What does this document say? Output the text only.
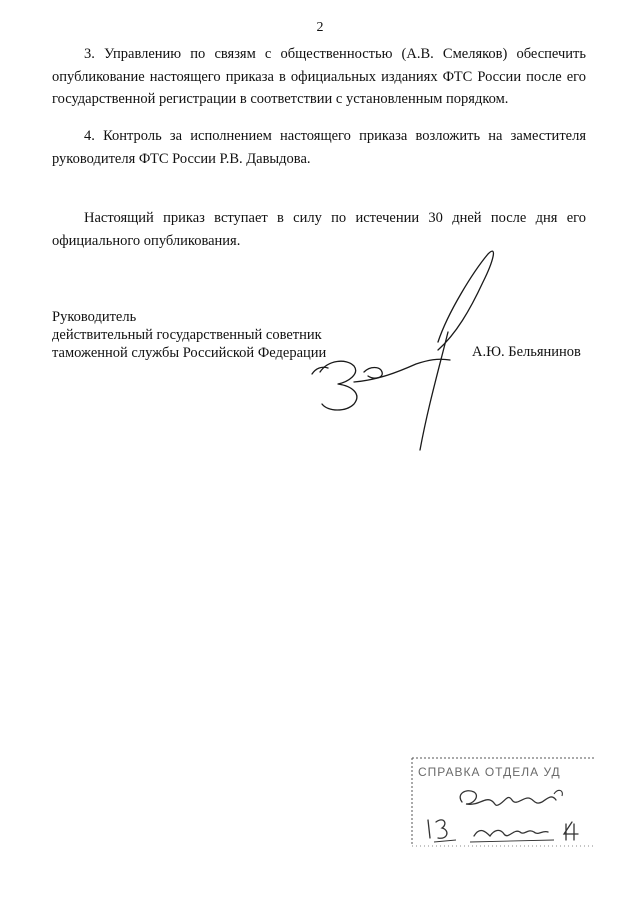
2

3. Управлению по связям с общественностью (А.В. Смеляков) обеспечить опубликование настоящего приказа в официальных изданиях ФТС России после его государственной регистрации в соответствии с установленным порядком.

4. Контроль за исполнением настоящего приказа возложить на заместителя руководителя ФТС России Р.В. Давыдова.

Настоящий приказ вступает в силу по истечении 30 дней после дня его официального опубликования.

Руководитель
действительный государственный советник
таможенной службы Российской Федерации	А.Ю. Бельянинов
СПРАВКА ОТДЕЛА УД
